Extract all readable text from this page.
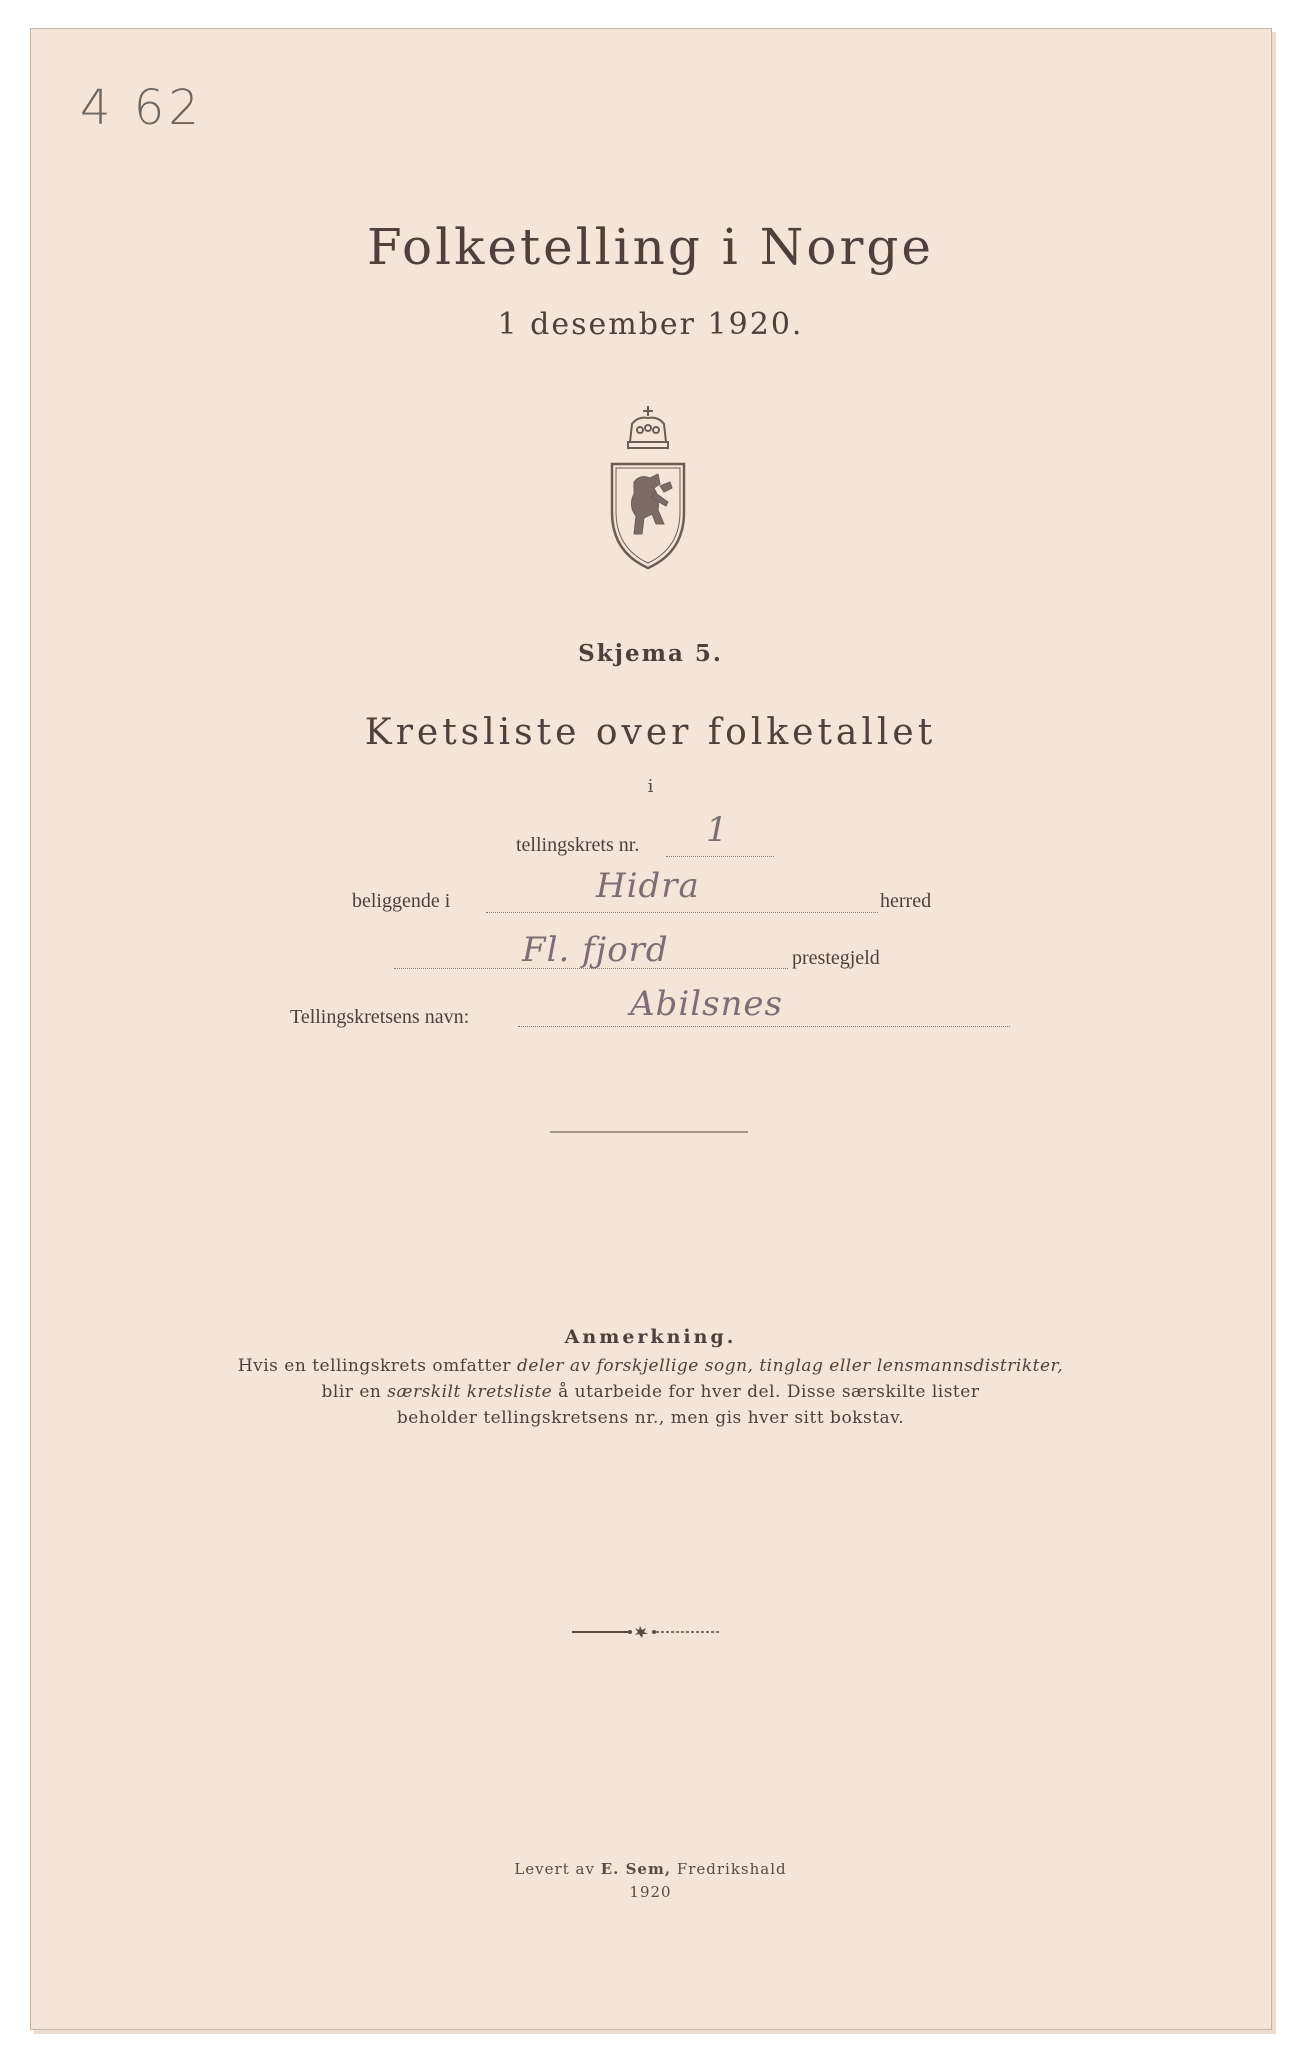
4 62

Folketelling i Norge

1 desember 1920.

Skjema 5.

Kretsliste over folketallet

i

tellingskrets nr. 1
beliggende i	Hidra	herred
Fl. fjord	prestegjeld
Tellingskretsens navn:	Abilsnes

Anmerkning.

Hvis en tellingskrets omfatter deler av forskjellige sogn, tinglag eller lensmannsdistrikter,

blir en særskilt kretsliste å utarbeide for hver del. Disse særskilte lister

beholder tellingskretsens nr., men gis hver sitt bokstav.

Levert av E. Sem, Fredrikshald

1920
